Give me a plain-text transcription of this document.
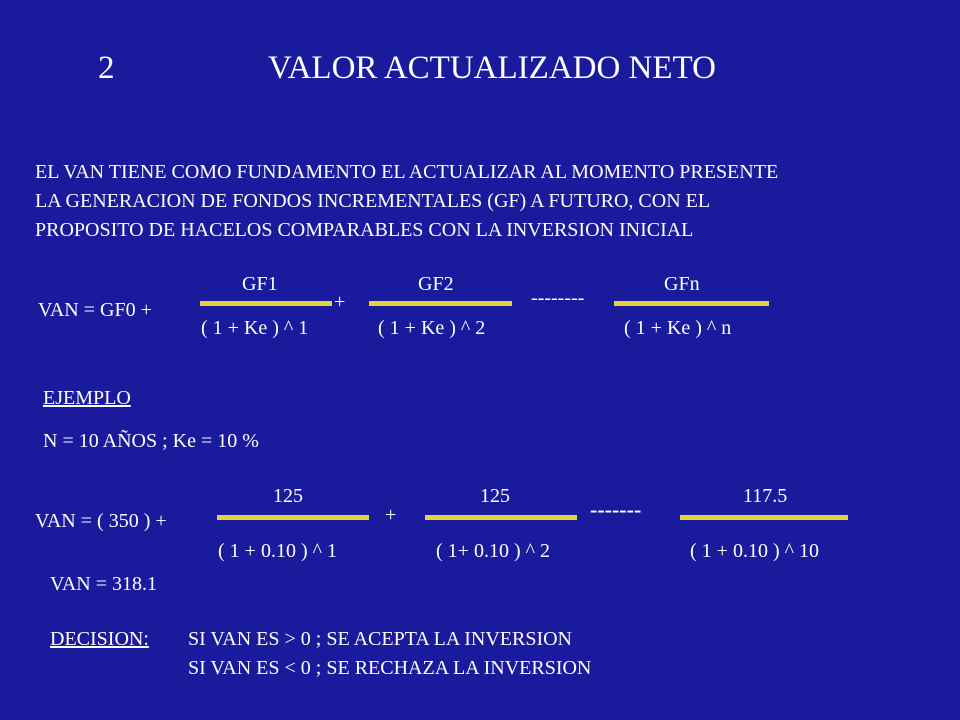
2	VALOR ACTUALIZADO NETO
EL VAN TIENE COMO FUNDAMENTO EL ACTUALIZAR AL MOMENTO PRESENTE
LA GENERACION DE FONDOS INCREMENTALES (GF) A FUTURO, CON EL
PROPOSITO DE HACELOS COMPARABLES CON LA INVERSION INICIAL
VAN = GF0 +
GF1
( 1 + Ke ) ^ 1
+
GF2
( 1 + Ke ) ^ 2
--------
GFn
( 1 + Ke ) ^ n
EJEMPLO
N = 10 AÑOS ; Ke = 10 %
VAN = ( 350 ) +
125
( 1 + 0.10 ) ^ 1
+
125
( 1+ 0.10 ) ^ 2
-------
117.5
( 1 + 0.10 ) ^ 10
VAN = 318.1
DECISION: SI VAN ES > 0 ; SE ACEPTA LA INVERSION
SI VAN ES < 0 ; SE RECHAZA LA INVERSION
